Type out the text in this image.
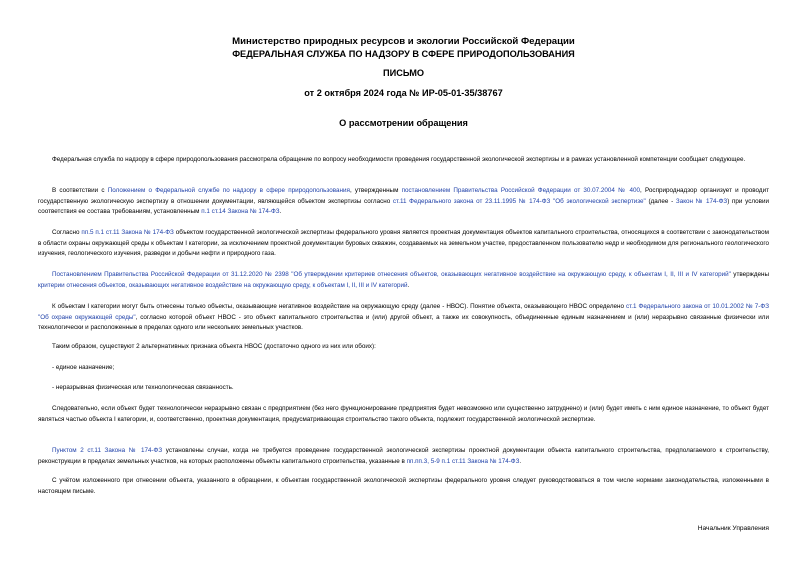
Министерство природных ресурсов и экологии Российской Федерации
ФЕДЕРАЛЬНАЯ СЛУЖБА ПО НАДЗОРУ В СФЕРЕ ПРИРОДОПОЛЬЗОВАНИЯ
ПИСЬМО
от 2 октября 2024 года № ИР-05-01-35/38767
О рассмотрении обращения

Федеральная служба по надзору в сфере природопользования рассмотрела обращение по вопросу необходимости проведения государственной экологической экспертизы и в рамках установленной компетенции сообщает следующее.

В соответствии с Положением о Федеральной службе по надзору в сфере природопользования, утвержденным постановлением Правительства Российской Федерации от 30.07.2004 № 400, Росприроднадзор организует и проводит государственную экологическую экспертизу в отношении документации, являющейся объектом экспертизы согласно ст.11 Федерального закона от 23.11.1995 № 174-ФЗ "Об экологической экспертизе" (далее - Закон № 174-ФЗ) при условии соответствия ее состава требованиям, установленным п.1 ст.14 Закона № 174-ФЗ.

Согласно пп.5 п.1 ст.11 Закона № 174-ФЗ объектом государственной экологической экспертизы федерального уровня является проектная документация объектов капитального строительства, относящихся в соответствии с законодательством в области охраны окружающей среды к объектам I категории, за исключением проектной документации буровых скважин, создаваемых на земельном участке, предоставленном пользователю недр и необходимом для регионального геологического изучения, геологического изучения, разведки и добычи нефти и природного газа.

Постановлением Правительства Российской Федерации от 31.12.2020 № 2398 "Об утверждении критериев отнесения объектов, оказывающих негативное воздействие на окружающую среду, к объектам I, II, III и IV категорий" утверждены критерии отнесения объектов, оказывающих негативное воздействие на окружающую среду, к объектам I, II, III и IV категорий.

К объектам I категории могут быть отнесены только объекты, оказывающие негативное воздействие на окружающую среду (далее - НВОС). Понятие объекта, оказывающего НВОС определено ст.1 Федерального закона от 10.01.2002 № 7-ФЗ "Об охране окружающей среды", согласно которой объект НВОС - это объект капитального строительства и (или) другой объект, а также их совокупность, объединенные единым назначением и (или) неразрывно связанные физически или технологически и расположенные в пределах одного или нескольких земельных участков.

Таким образом, существуют 2 альтернативных признака объекта НВОС (достаточно одного из них или обоих):

- единое назначение;

- неразрывная физическая или технологическая связанность.

Следовательно, если объект будет технологически неразрывно связан с предприятием (без него функционирование предприятия будет невозможно или существенно затруднено) и (или) будет иметь с ним единое назначение, то объект будет являться частью объекта I категории, и, соответственно, проектная документация, предусматривающая строительство такого объекта, подлежит государственной экологической экспертизе.

Пунктом 2 ст.11 Закона № 174-ФЗ установлены случаи, когда не требуется проведение государственной экологической экспертизы проектной документации объекта капитального строительства, предполагаемого к строительству, реконструкции в пределах земельных участков, на которых расположены объекты капитального строительства, указанные в пп.пп.3, 5-9 п.1 ст.11 Закона № 174-ФЗ.

С учётом изложенного при отнесении объекта, указанного в обращении, к объектам государственной экологической экспертизы федерального уровня следует руководствоваться в том числе нормами законодательства, изложенными в настоящем письме.

Начальник Управления
